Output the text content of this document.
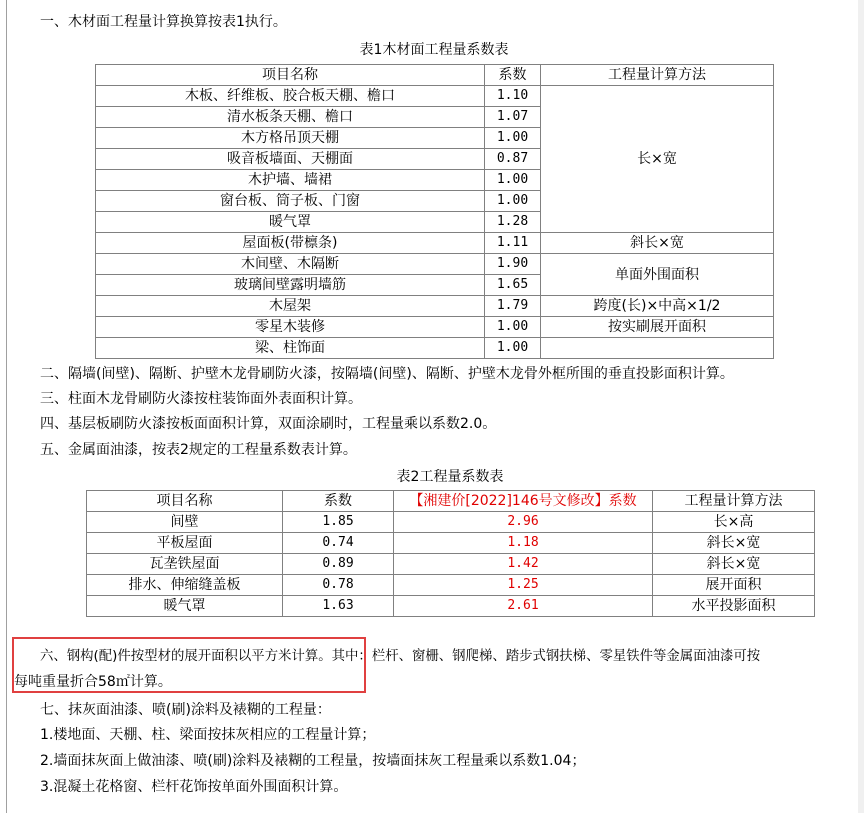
一、木材面工程量计算换算按表1执行。
表1木材面工程量系数表
项目名称	系数	工程量计算方法
木板、纤维板、胶合板天棚、檐口	1.10	长×宽
清水板条天棚、檐口	1.07	
木方格吊顶天棚	1.00	
吸音板墙面、天棚面	0.87	
木护墙、墙裙	1.00	
窗台板、筒子板、门窗	1.00	
暖气罩	1.28	
屋面板(带檩条)	1.11	斜长×宽
木间壁、木隔断	1.90	单面外围面积
玻璃间壁露明墙筋	1.65	
木屋架	1.79	跨度(长)×中高×1/2
零星木装修	1.00	按实刷展开面积
梁、柱饰面	1.00	
二、隔墙(间壁)、隔断、护壁木龙骨刷防火漆，按隔墙(间壁)、隔断、护壁木龙骨外框所围的垂直投影面积计算。
三、柱面木龙骨刷防火漆按柱装饰面外表面积计算。
四、基层板刷防火漆按板面面积计算，双面涂刷时，工程量乘以系数2.0。
五、金属面油漆，按表2规定的工程量系数表计算。
表2工程量系数表
项目名称	系数	【湘建价[2022]146号文修改】系数	工程量计算方法
间壁	1.85	2.96	长×高
平板屋面	0.74	1.18	斜长×宽
瓦垄铁屋面	0.89	1.42	斜长×宽
排水、伸缩缝盖板	0.78	1.25	展开面积
暖气罩	1.63	2.61	水平投影面积
六、钢构(配)件按型材的展开面积以平方米计算。其中：栏杆、窗栅、钢爬梯、踏步式钢扶梯、零星铁件等金属面油漆可按
每吨重量折合58㎡计算。
七、抹灰面油漆、喷(刷)涂料及裱糊的工程量：
1.楼地面、天棚、柱、梁面按抹灰相应的工程量计算；
2.墙面抹灰面上做油漆、喷(刷)涂料及裱糊的工程量，按墙面抹灰工程量乘以系数1.04；
3.混凝土花格窗、栏杆花饰按单面外围面积计算。
